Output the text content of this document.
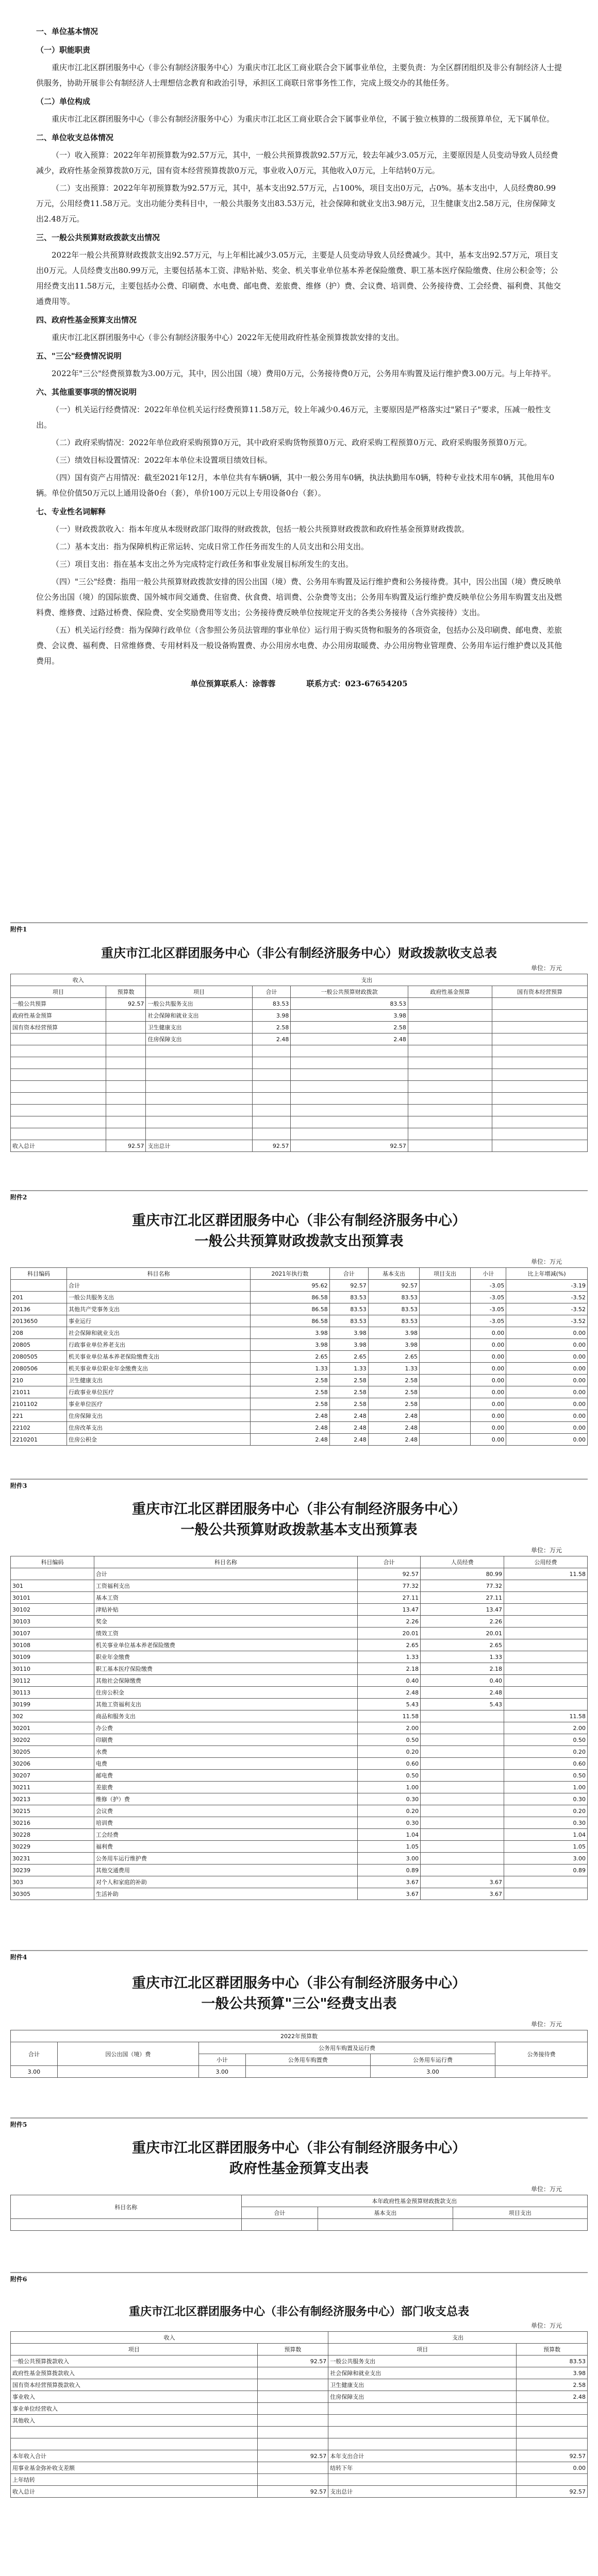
一、单位基本情况
（一）职能职责
重庆市江北区群团服务中心（非公有制经济服务中心）为重庆市江北区工商业联合会下属事业单位，主要负责：为全区群团组织及非公有制经济人士提供服务，协助开展非公有制经济人士理想信念教育和政治引导，承担区工商联日常事务性工作，完成上级交办的其他任务。
（二）单位构成
重庆市江北区群团服务中心（非公有制经济服务中心）为重庆市江北区工商业联合会下属事业单位，不属于独立核算的二级预算单位，无下属单位。
二、单位收支总体情况
（一）收入预算：2022年年初预算数为92.57万元，其中，一般公共预算拨款92.57万元，较去年减少3.05万元，主要原因是人员变动导致人员经费减少，政府性基金预算拨款0万元，国有资本经营预算拨款0万元，事业收入0万元，其他收入0万元，上年结转0万元。
（二）支出预算：2022年年初预算数为92.57万元，其中，基本支出92.57万元，占100%，项目支出0万元，占0%。基本支出中，人员经费80.99万元，公用经费11.58万元。支出功能分类科目中，一般公共服务支出83.53万元，社会保障和就业支出3.98万元，卫生健康支出2.58万元，住房保障支出2.48万元。
三、一般公共预算财政拨款支出情况
2022年一般公共预算财政拨款支出92.57万元，与上年相比减少3.05万元，主要是人员变动导致人员经费减少。其中，基本支出92.57万元，项目支出0万元。人员经费支出80.99万元，主要包括基本工资、津贴补贴、奖金、机关事业单位基本养老保险缴费、职工基本医疗保险缴费、住房公积金等；公用经费支出11.58万元，主要包括办公费、印刷费、水电费、邮电费、差旅费、维修（护）费、会议费、培训费、公务接待费、工会经费、福利费、其他交通费用等。
四、政府性基金预算支出情况
重庆市江北区群团服务中心（非公有制经济服务中心）2022年无使用政府性基金预算拨款安排的支出。
五、"三公"经费情况说明
2022年"三公"经费预算数为3.00万元，其中，因公出国（境）费用0万元，公务接待费0万元，公务用车购置及运行维护费3.00万元。与上年持平。
六、其他重要事项的情况说明
（一）机关运行经费情况：2022年单位机关运行经费预算11.58万元，较上年减少0.46万元，主要原因是严格落实过"紧日子"要求，压减一般性支出。
（二）政府采购情况：2022年单位政府采购预算0万元，其中政府采购货物预算0万元、政府采购工程预算0万元、政府采购服务预算0万元。
（三）绩效目标设置情况：2022年本单位未设置项目绩效目标。
（四）国有资产占用情况：截至2021年12月，本单位共有车辆0辆，其中一般公务用车0辆，执法执勤用车0辆，特种专业技术用车0辆，其他用车0辆。单位价值50万元以上通用设备0台（套），单价100万元以上专用设备0台（套）。
七、专业性名词解释
（一）财政拨款收入：指本年度从本级财政部门取得的财政拨款，包括一般公共预算财政拨款和政府性基金预算财政拨款。
（二）基本支出：指为保障机构正常运转、完成日常工作任务而发生的人员支出和公用支出。
（三）项目支出：指在基本支出之外为完成特定行政任务和事业发展目标所发生的支出。
（四）"三公"经费：指用一般公共预算财政拨款安排的因公出国（境）费、公务用车购置及运行维护费和公务接待费。其中，因公出国（境）费反映单位公务出国（境）的国际旅费、国外城市间交通费、住宿费、伙食费、培训费、公杂费等支出；公务用车购置及运行维护费反映单位公务用车购置支出及燃料费、维修费、过路过桥费、保险费、安全奖励费用等支出；公务接待费反映单位按规定开支的各类公务接待（含外宾接待）支出。
（五）机关运行经费：指为保障行政单位（含参照公务员法管理的事业单位）运行用于购买货物和服务的各项资金，包括办公及印刷费、邮电费、差旅费、会议费、福利费、日常维修费、专用材料及一般设备购置费、办公用房水电费、办公用房取暖费、办公用房物业管理费、公务用车运行维护费以及其他费用。
单位预算联系人：涂蓉蓉　　　　联系方式：023-67654205
附件1
重庆市江北区群团服务中心（非公有制经济服务中心）财政拨款收支总表
单位：万元
收入		支出				
项目	预算数	项目	合计	一般公共预算财政拨款	政府性基金预算	国有资本经营预算
一般公共预算	92.57	一般公共服务支出	83.53	83.53		
政府性基金预算		社会保障和就业支出	3.98	3.98		
国有资本经营预算		卫生健康支出	2.58	2.58		
		住房保障支出	2.48	2.48		

收入总计	92.57	支出总计	92.57	92.57		
附件2
重庆市江北区群团服务中心（非公有制经济服务中心）
一般公共预算财政拨款支出预算表
单位：万元
科目编码	科目名称	2021年执行数	合计	基本支出	项目支出	小计	比上年增减(%)
	合计	95.62	92.57	92.57		-3.05	-3.19
201	一般公共服务支出	86.58	83.53	83.53		-3.05	-3.52
20136	其他共产党事务支出	86.58	83.53	83.53		-3.05	-3.52
2013650	事业运行	86.58	83.53	83.53		-3.05	-3.52
208	社会保障和就业支出	3.98	3.98	3.98		0.00	0.00
20805	行政事业单位养老支出	3.98	3.98	3.98		0.00	0.00
2080505	机关事业单位基本养老保险缴费支出	2.65	2.65	2.65		0.00	0.00
2080506	机关事业单位职业年金缴费支出	1.33	1.33	1.33		0.00	0.00
210	卫生健康支出	2.58	2.58	2.58		0.00	0.00
21011	行政事业单位医疗	2.58	2.58	2.58		0.00	0.00
2101102	事业单位医疗	2.58	2.58	2.58		0.00	0.00
221	住房保障支出	2.48	2.48	2.48		0.00	0.00
22102	住房改革支出	2.48	2.48	2.48		0.00	0.00
2210201	住房公积金	2.48	2.48	2.48		0.00	0.00
附件3
重庆市江北区群团服务中心（非公有制经济服务中心）
一般公共预算财政拨款基本支出预算表
单位：万元
科目编码	科目名称	合计	人员经费	公用经费
	合计	92.57	80.99	11.58
301	工资福利支出	77.32	77.32	
30101	基本工资	27.11	27.11	
30102	津贴补贴	13.47	13.47	
30103	奖金	2.26	2.26	
30107	绩效工资	20.01	20.01	
30108	机关事业单位基本养老保险缴费	2.65	2.65	
30109	职业年金缴费	1.33	1.33	
30110	职工基本医疗保险缴费	2.18	2.18	
30112	其他社会保障缴费	0.40	0.40	
30113	住房公积金	2.48	2.48	
30199	其他工资福利支出	5.43	5.43	
302	商品和服务支出	11.58		11.58
30201	办公费	2.00		2.00
30202	印刷费	0.50		0.50
30205	水费	0.20		0.20
30206	电费	0.60		0.60
30207	邮电费	0.50		0.50
30211	差旅费	1.00		1.00
30213	维修（护）费	0.30		0.30
30215	会议费	0.20		0.20
30216	培训费	0.30		0.30
30228	工会经费	1.04		1.04
30229	福利费	1.05		1.05
30231	公务用车运行维护费	3.00		3.00
30239	其他交通费用	0.89		0.89
303	对个人和家庭的补助	3.67	3.67	
30305	生活补助	3.67	3.67	
附件4
重庆市江北区群团服务中心（非公有制经济服务中心）
一般公共预算"三公"经费支出表
单位：万元
2022年预算数					
合计	因公出国（境）费	公务用车购置及运行费			公务接待费
		小计	公务用车购置费	公务用车运行费	
3.00		3.00		3.00	
附件5
重庆市江北区群团服务中心（非公有制经济服务中心）
政府性基金预算支出表
单位：万元
科目名称	本年政府性基金预算财政拨款支出		
	合计	基本支出	项目支出

附件6
重庆市江北区群团服务中心（非公有制经济服务中心）部门收支总表
单位：万元
收入		支出	
项目	预算数	项目	预算数
一般公共预算拨款收入	92.57	一般公共服务支出	83.53
政府性基金预算拨款收入		社会保障和就业支出	3.98
国有资本经营预算拨款收入		卫生健康支出	2.58
事业收入		住房保障支出	2.48
事业单位经营收入			
其他收入			

本年收入合计	92.57	本年支出合计	92.57
用事业基金弥补收支差额		结转下年	0.00
上年结转			
收入总计	92.57	支出总计	92.57
